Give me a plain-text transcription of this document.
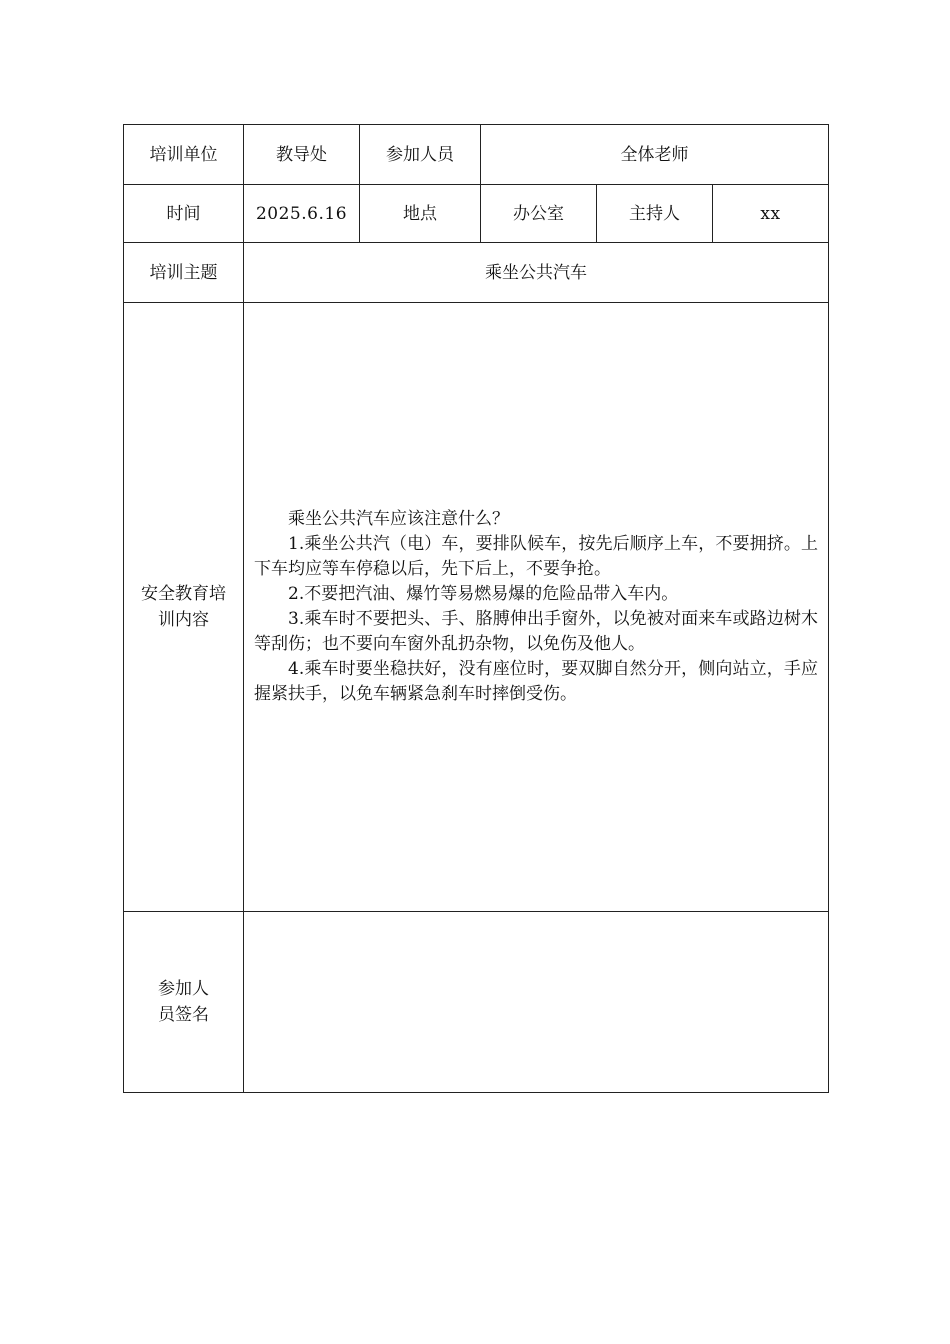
培训单位	教导处	参加人员	全体老师		
时间	2025.6.16	地点	办公室	主持人	xx
培训主题	乘坐公共汽车				
安全教育培训内容	乘坐公共汽车应该注意什么？

1.乘坐公共汽（电）车，要排队候车，按先后顺序上车，不要拥挤。上下车均应等车停稳以后，先下后上，不要争抢。

2.不要把汽油、爆竹等易燃易爆的危险品带入车内。

3.乘车时不要把头、手、胳膊伸出手窗外，以免被对面来车或路边树木等刮伤；也不要向车窗外乱扔杂物，以免伤及他人。

4.乘车时要坐稳扶好，没有座位时，要双脚自然分开，侧向站立，手应握紧扶手，以免车辆紧急刹车时摔倒受伤。				

参加人员签名					
